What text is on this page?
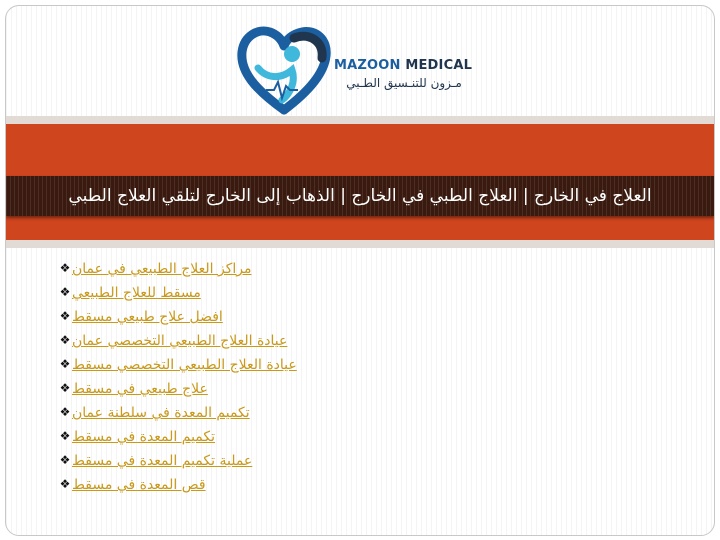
MAZOON MEDICAL
مـزون للتنـسيق الطـبي
العلاج في الخارج | العلاج الطبي في الخارج | الذهاب إلى الخارج لتلقي العلاج الطبي
❖ مراكز العلاج الطبيعي في عمان
❖ مسقط للعلاج الطبيعي
❖ افضل علاج طبيعي مسقط
❖ عيادة العلاج الطبيعي التخصصي عمان
❖ عيادة العلاج الطبيعي التخصصي مسقط
❖ علاج طبيعي في مسقط
❖ تكميم المعدة في سلطنة عمان
❖ تكميم المعدة في مسقط
❖ عملية تكميم المعدة في مسقط
❖ قص المعدة في مسقط
